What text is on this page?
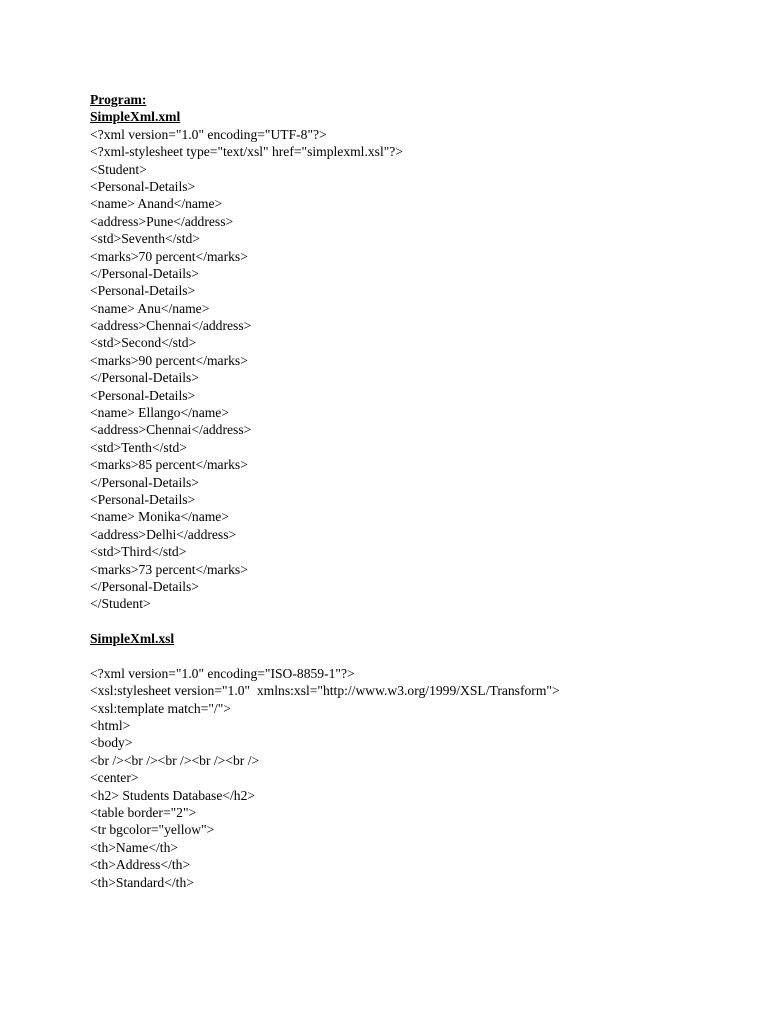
Program:
SimpleXml.xml
<?xml version="1.0" encoding="UTF-8"?>
<?xml-stylesheet type="text/xsl" href="simplexml.xsl"?>
<Student>
<Personal-Details>
<name> Anand</name>
<address>Pune</address>
<std>Seventh</std>
<marks>70 percent</marks>
</Personal-Details>
<Personal-Details>
<name> Anu</name>
<address>Chennai</address>
<std>Second</std>
<marks>90 percent</marks>
</Personal-Details>
<Personal-Details>
<name> Ellango</name>
<address>Chennai</address>
<std>Tenth</std>
<marks>85 percent</marks>
</Personal-Details>
<Personal-Details>
<name> Monika</name>
<address>Delhi</address>
<std>Third</std>
<marks>73 percent</marks>
</Personal-Details>
</Student>
SimpleXml.xsl
<?xml version="1.0" encoding="ISO-8859-1"?>
<xsl:stylesheet version="1.0"  xmlns:xsl="http://www.w3.org/1999/XSL/Transform">
<xsl:template match="/">
<html>
<body>
<br /><br /><br /><br /><br />
<center>
<h2> Students Database</h2>
<table border="2">
<tr bgcolor="yellow">
<th>Name</th>
<th>Address</th>
<th>Standard</th>
